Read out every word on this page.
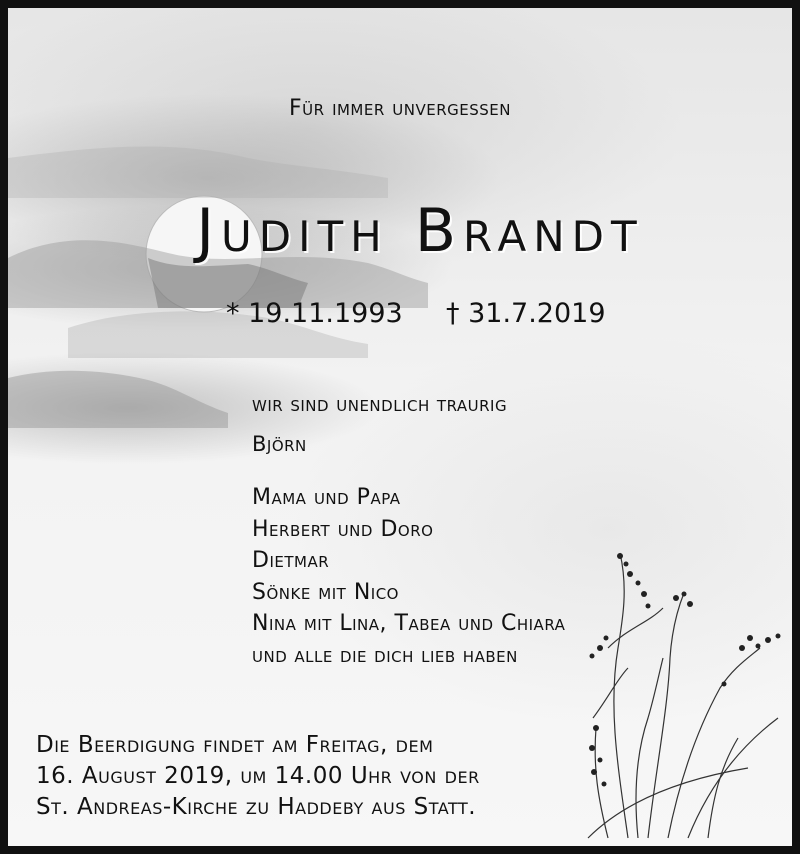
Für immer unvergessen
Judith Brandt
* 19.11.1993 † 31.7.2019
wir sind unendlich traurig
Björn
Mama und Papa
Herbert und Doro
Dietmar
Sönke mit Nico
Nina mit Lina, Tabea und Chiara
und alle die dich lieb haben
Die Beerdigung findet am Freitag, dem
16. August 2019, um 14.00 Uhr von der
St. Andreas-Kirche zu Haddeby aus Statt.
